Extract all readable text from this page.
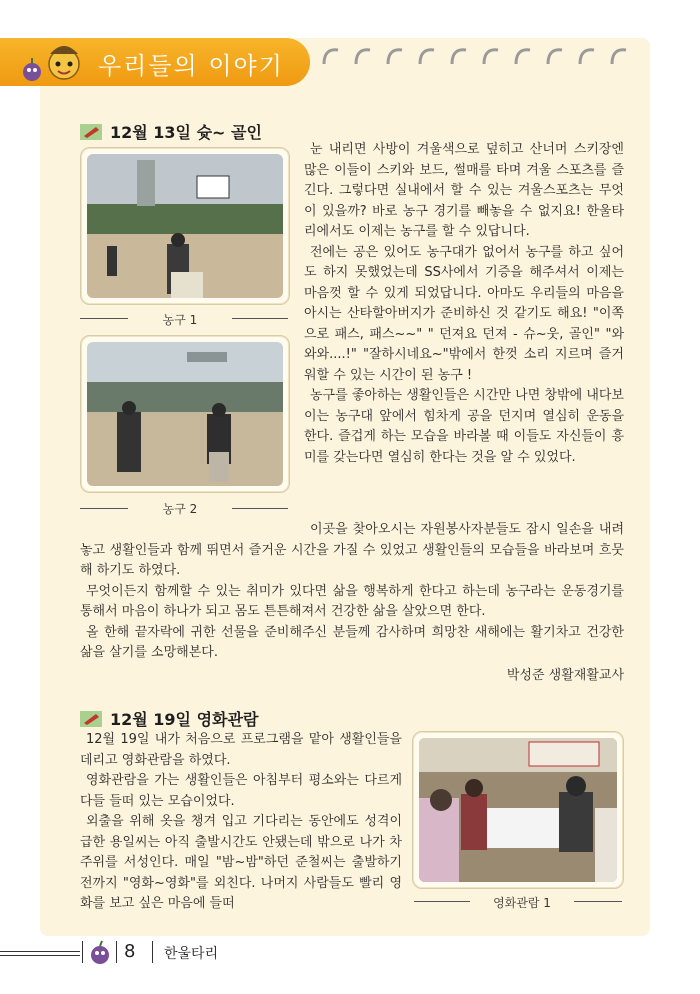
우리들의 이야기
12월 13일 슛~ 골인
농구 1
농구 2

눈 내리면 사방이 겨울색으로 덮히고 산너머 스키장엔 많은 이들이 스키와 보드, 썰매를 타며 겨울 스포츠를 즐긴다. 그렇다면 실내에서 할 수 있는 겨울스포츠는 무엇이 있을까? 바로 농구 경기를 빼놓을 수 없지요! 한울타리에서도 이제는 농구를 할 수 있답니다.

전에는 공은 있어도 농구대가 없어서 농구를 하고 싶어도 하지 못했었는데 SS사에서 기증을 해주셔서 이제는 마음껏 할 수 있게 되었답니다. 아마도 우리들의 마음을 아시는 산타할아버지가 준비하신 것 같기도 해요! "이쪽으로 패스, 패스~~" " 던져요 던져 - 슈~웃, 골인" "와와와....!" "잘하시네요~"밖에서 한껏 소리 지르며 즐거워할 수 있는 시간이 된 농구 !

농구를 좋아하는 생활인들은 시간만 나면 창밖에 내다보이는 농구대 앞에서 힘차게 공을 던지며 열심히 운동을 한다. 즐겁게 하는 모습을 바라볼 때 이들도 자신들이 흥미를 갖는다면 열심히 한다는 것을 알 수 있었다.

이곳을 찾아오시는 자원봉사자분들도 잠시 일손을 내려놓고 생활인들과 함께 뛰면서 즐거운 시간을 가질 수 있었고 생활인들의 모습들을 바라보며 흐뭇해 하기도 하였다.

무엇이든지 함께할 수 있는 취미가 있다면 삶을 행복하게 한다고 하는데 농구라는 운동경기를 통해서 마음이 하나가 되고 몸도 튼튼해져서 건강한 삶을 살았으면 한다.

올 한해 끝자락에 귀한 선물을 준비해주신 분들께 감사하며 희망찬 새해에는 활기차고 건강한 삶을 살기를 소망해본다.

박성준 생활재활교사
12월 19일 영화관람

12월 19일 내가 처음으로 프로그램을 맡아 생활인들을 데리고 영화관람을 하였다.

영화관람을 가는 생활인들은 아침부터 평소와는 다르게 다들 들떠 있는 모습이었다.

외출을 위해 옷을 챙겨 입고 기다리는 동안에도 성격이 급한 용일씨는 아직 출발시간도 안됐는데 밖으로 나가 차 주위를 서성인다. 매일 "밤~밤"하던 준철씨는 출발하기 전까지 "영화~영화"를 외친다. 나머지 사람들도 빨리 영화를 보고 싶은 마음에 들떠	영화관람 1
8 한울타리
